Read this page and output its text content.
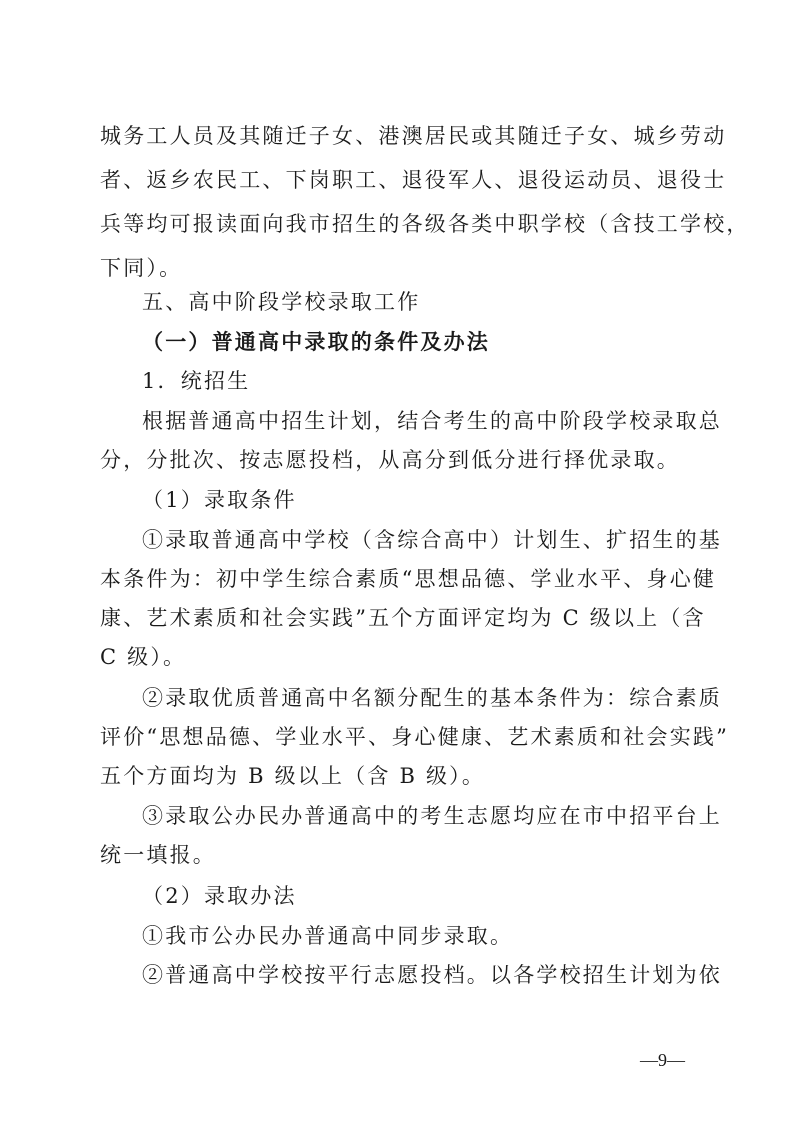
城务工人员及其随迁子女、港澳居民或其随迁子女、城乡劳动
者、返乡农民工、下岗职工、退役军人、退役运动员、退役士
兵等均可报读面向我市招生的各级各类中职学校（含技工学校，
下同）。
五、高中阶段学校录取工作
（一）普通高中录取的条件及办法
1．统招生
根据普通高中招生计划，结合考生的高中阶段学校录取总
分，分批次、按志愿投档，从高分到低分进行择优录取。
（1）录取条件
①录取普通高中学校（含综合高中）计划生、扩招生的基
本条件为：初中学生综合素质“思想品德、学业水平、身心健
康、艺术素质和社会实践”五个方面评定均为 C 级以上（含
C 级）。
②录取优质普通高中名额分配生的基本条件为：综合素质
评价“思想品德、学业水平、身心健康、艺术素质和社会实践”
五个方面均为 B 级以上（含 B 级）。
③录取公办民办普通高中的考生志愿均应在市中招平台上
统一填报。
（2）录取办法
①我市公办民办普通高中同步录取。
②普通高中学校按平行志愿投档。以各学校招生计划为依
—9—
